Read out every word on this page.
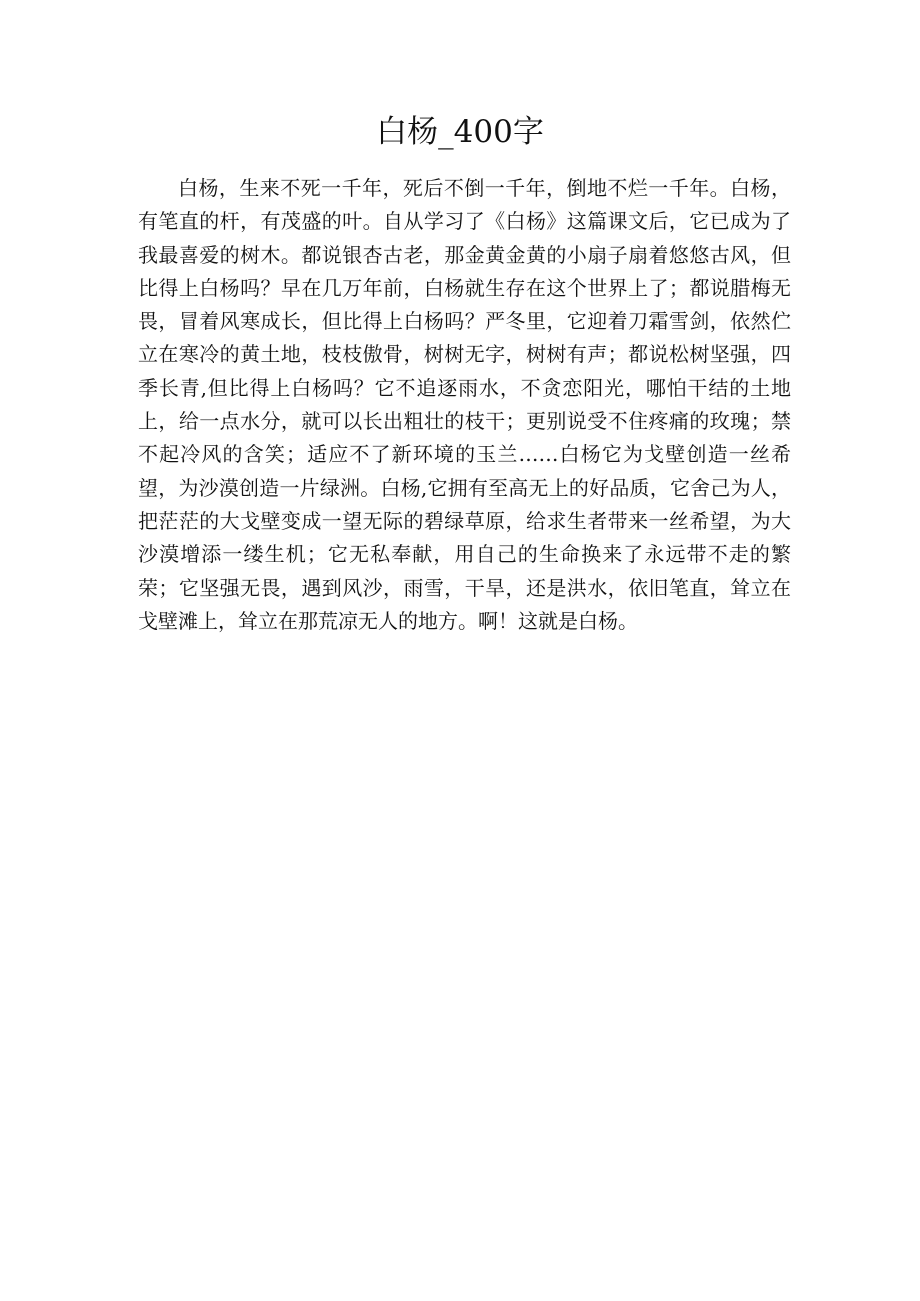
白杨_400字

白杨，生来不死一千年，死后不倒一千年，倒地不烂一千年。白杨，有笔直的杆，有茂盛的叶。自从学习了《白杨》这篇课文后，它已成为了我最喜爱的树木。都说银杏古老，那金黄金黄的小扇子扇着悠悠古风，但比得上白杨吗？早在几万年前，白杨就生存在这个世界上了；都说腊梅无畏，冒着风寒成长，但比得上白杨吗？严冬里，它迎着刀霜雪剑，依然伫立在寒冷的黄土地，枝枝傲骨，树树无字，树树有声；都说松树坚强，四季长青,但比得上白杨吗？它不追逐雨水，不贪恋阳光，哪怕干结的土地上，给一点水分，就可以长出粗壮的枝干；更别说受不住疼痛的玫瑰；禁不起冷风的含笑；适应不了新环境的玉兰……白杨它为戈壁创造一丝希望，为沙漠创造一片绿洲。白杨,它拥有至高无上的好品质，它舍己为人，把茫茫的大戈壁变成一望无际的碧绿草原，给求生者带来一丝希望，为大沙漠增添一缕生机；它无私奉献，用自己的生命换来了永远带不走的繁荣；它坚强无畏，遇到风沙，雨雪，干旱，还是洪水，依旧笔直，耸立在戈壁滩上，耸立在那荒凉无人的地方。啊！这就是白杨。
